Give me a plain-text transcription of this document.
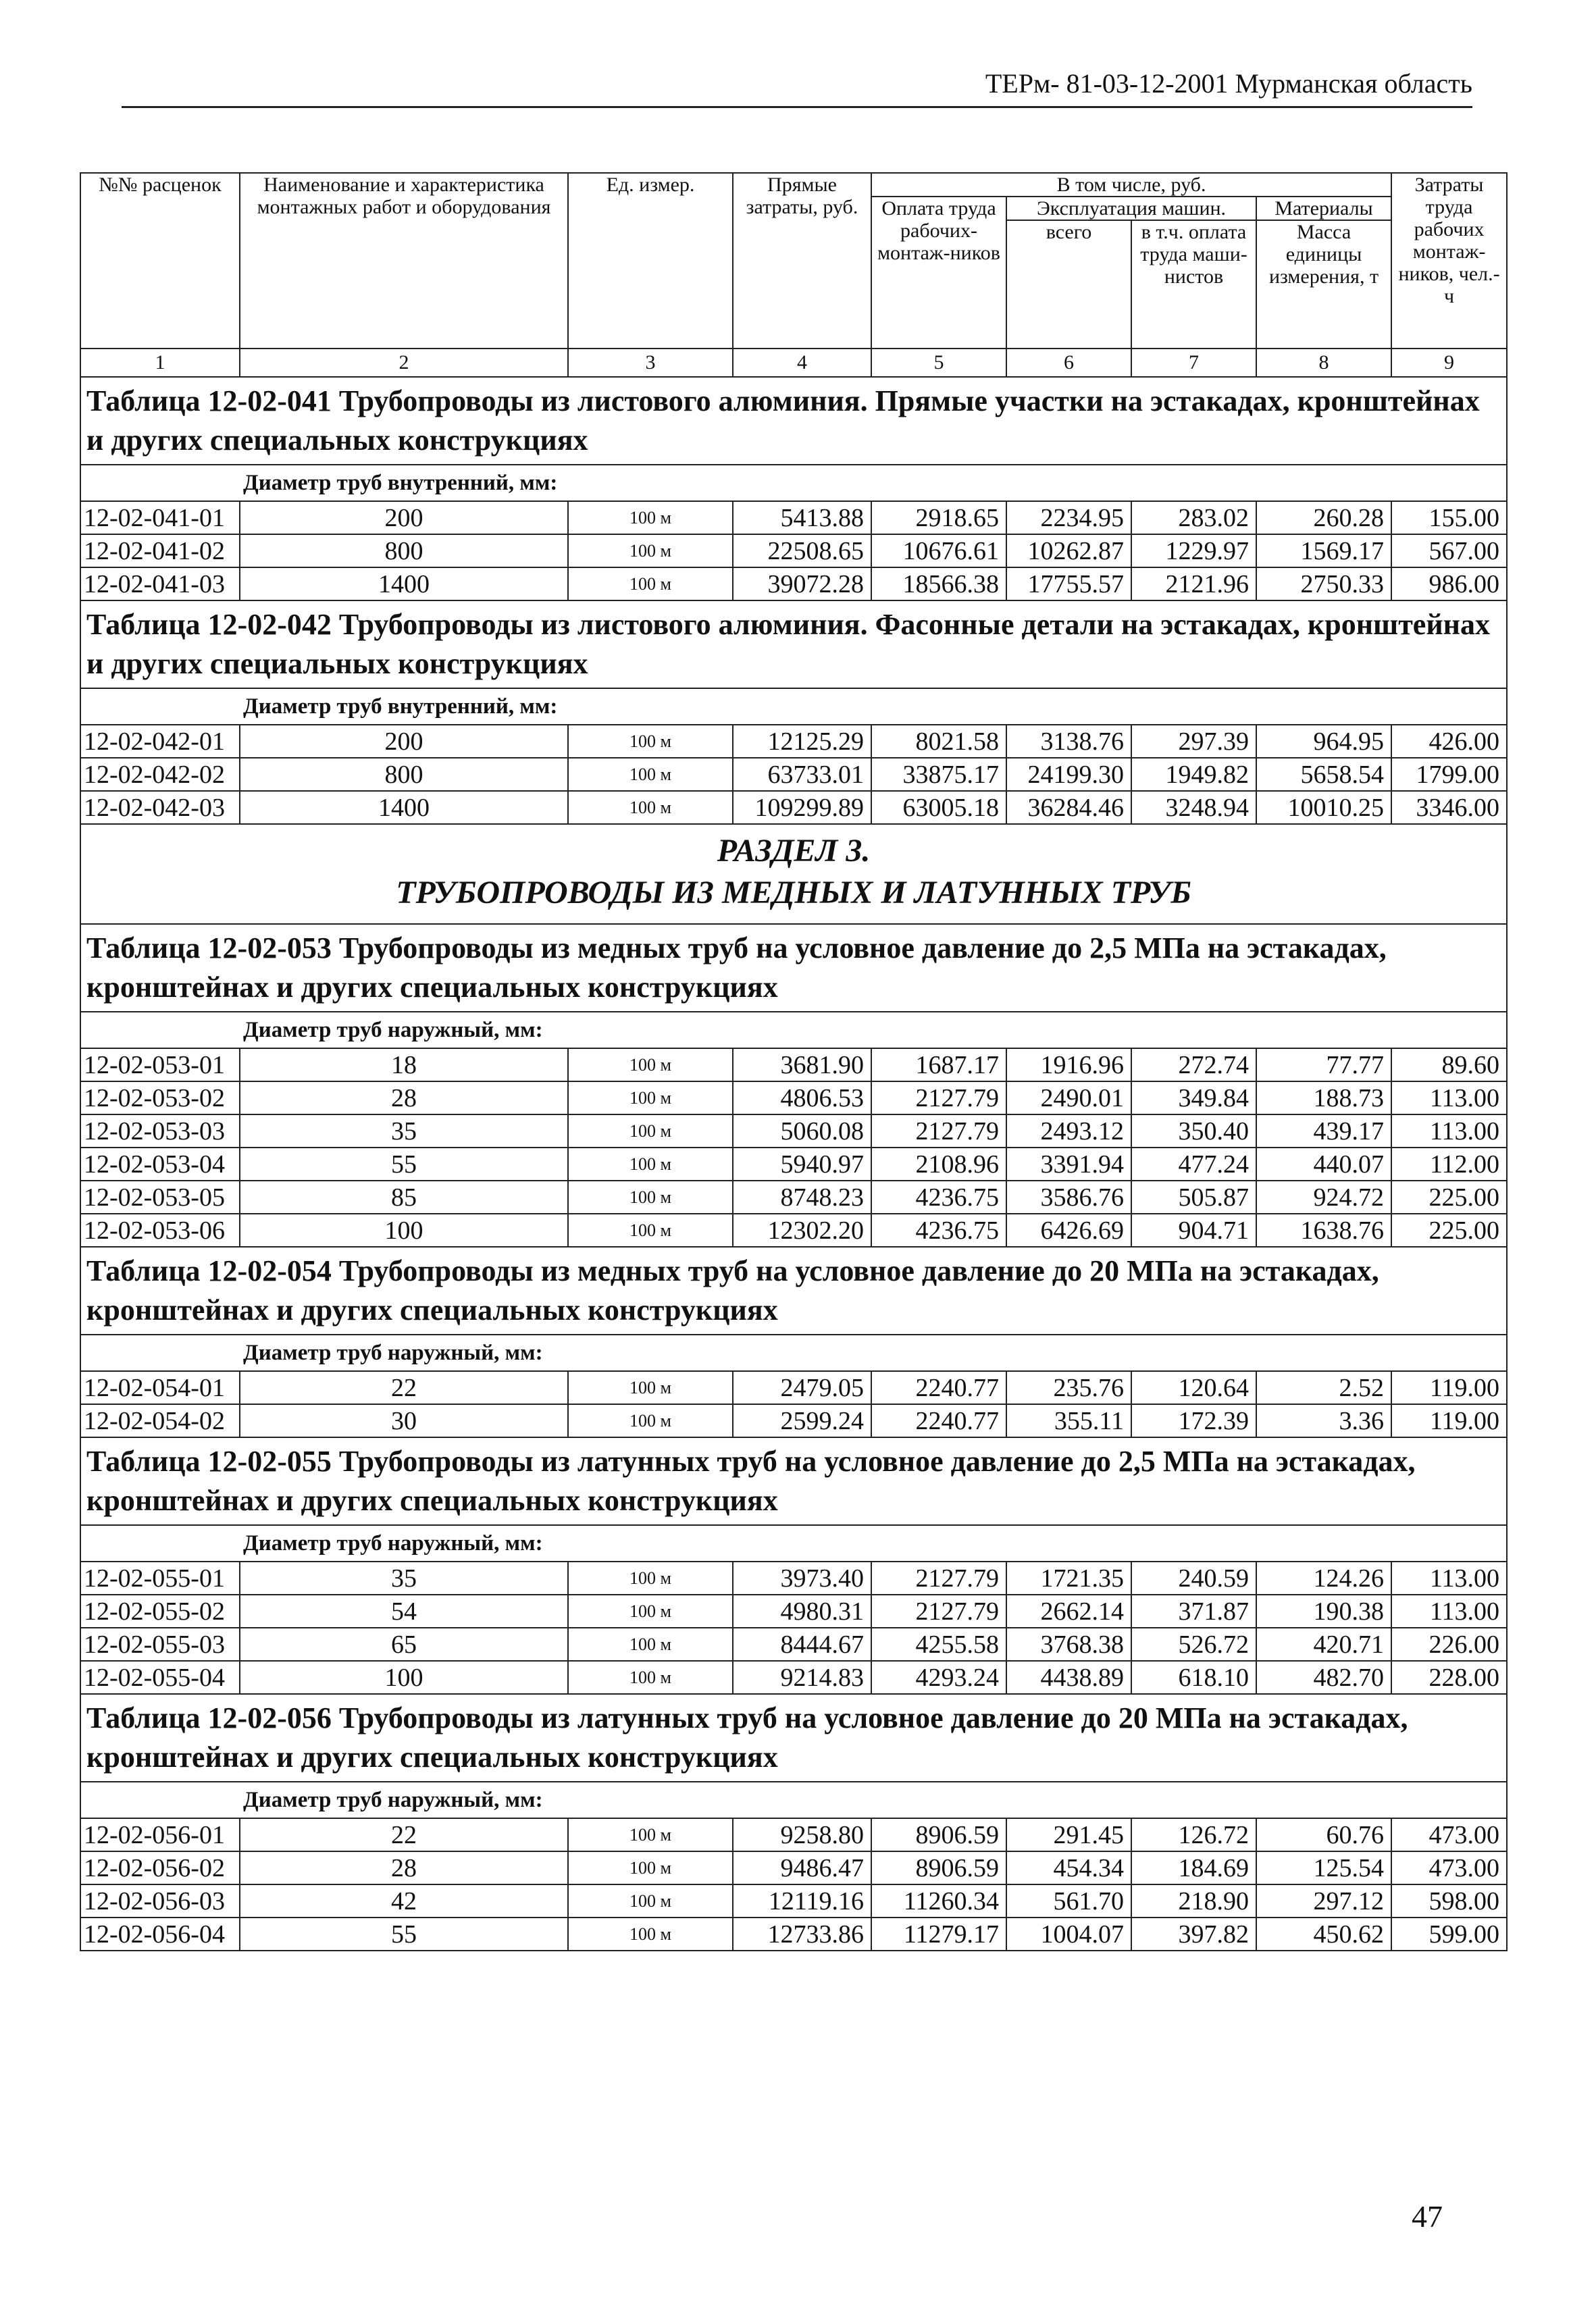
ТЕРм- 81-03-12-2001 Мурманская область
№№ расценок	Наименование и характеристика монтажных работ и оборудования	Ед. измер.	Прямые затраты, руб.	В том числе, руб.				Затраты труда рабочих монтаж-ников, чел.-ч
				Оплата труда рабочих-монтаж-ников	Эксплуатация машин.		Материалы	
					всего	в т.ч. оплата труда маши-нистов	Масса единицы измерения, т	
1	2	3	4	5	6	7	8	9
Таблица 12-02-041 Трубопроводы из листового алюминия. Прямые участки на эстакадах, кронштейнах и других специальных конструкциях								
Диаметр труб внутренний, мм:								
12-02-041-01	200	100 м	5413.88	2918.65	2234.95	283.02	260.28	155.00
12-02-041-02	800	100 м	22508.65	10676.61	10262.87	1229.97	1569.17	567.00
12-02-041-03	1400	100 м	39072.28	18566.38	17755.57	2121.96	2750.33	986.00
Таблица 12-02-042 Трубопроводы из листового алюминия. Фасонные детали на эстакадах, кронштейнах и других специальных конструкциях								
Диаметр труб внутренний, мм:								
12-02-042-01	200	100 м	12125.29	8021.58	3138.76	297.39	964.95	426.00
12-02-042-02	800	100 м	63733.01	33875.17	24199.30	1949.82	5658.54	1799.00
12-02-042-03	1400	100 м	109299.89	63005.18	36284.46	3248.94	10010.25	3346.00

РАЗДЕЛ 3.
ТРУБОПРОВОДЫ ИЗ МЕДНЫХ И ЛАТУННЫХ ТРУБ								

Таблица 12-02-053 Трубопроводы из медных труб на условное давление до 2,5 МПа на эстакадах, кронштейнах и других специальных конструкциях								
Диаметр труб наружный, мм:								
12-02-053-01	18	100 м	3681.90	1687.17	1916.96	272.74	77.77	89.60
12-02-053-02	28	100 м	4806.53	2127.79	2490.01	349.84	188.73	113.00
12-02-053-03	35	100 м	5060.08	2127.79	2493.12	350.40	439.17	113.00
12-02-053-04	55	100 м	5940.97	2108.96	3391.94	477.24	440.07	112.00
12-02-053-05	85	100 м	8748.23	4236.75	3586.76	505.87	924.72	225.00
12-02-053-06	100	100 м	12302.20	4236.75	6426.69	904.71	1638.76	225.00
Таблица 12-02-054 Трубопроводы из медных труб на условное давление до 20 МПа на эстакадах, кронштейнах и других специальных конструкциях								
Диаметр труб наружный, мм:								
12-02-054-01	22	100 м	2479.05	2240.77	235.76	120.64	2.52	119.00
12-02-054-02	30	100 м	2599.24	2240.77	355.11	172.39	3.36	119.00
Таблица 12-02-055 Трубопроводы из латунных труб на условное давление до 2,5 МПа на эстакадах, кронштейнах и других специальных конструкциях								
Диаметр труб наружный, мм:								
12-02-055-01	35	100 м	3973.40	2127.79	1721.35	240.59	124.26	113.00
12-02-055-02	54	100 м	4980.31	2127.79	2662.14	371.87	190.38	113.00
12-02-055-03	65	100 м	8444.67	4255.58	3768.38	526.72	420.71	226.00
12-02-055-04	100	100 м	9214.83	4293.24	4438.89	618.10	482.70	228.00
Таблица 12-02-056 Трубопроводы из латунных труб на условное давление до 20 МПа на эстакадах, кронштейнах и других специальных конструкциях								
Диаметр труб наружный, мм:								
12-02-056-01	22	100 м	9258.80	8906.59	291.45	126.72	60.76	473.00
12-02-056-02	28	100 м	9486.47	8906.59	454.34	184.69	125.54	473.00
12-02-056-03	42	100 м	12119.16	11260.34	561.70	218.90	297.12	598.00
12-02-056-04	55	100 м	12733.86	11279.17	1004.07	397.82	450.62	599.00
47
